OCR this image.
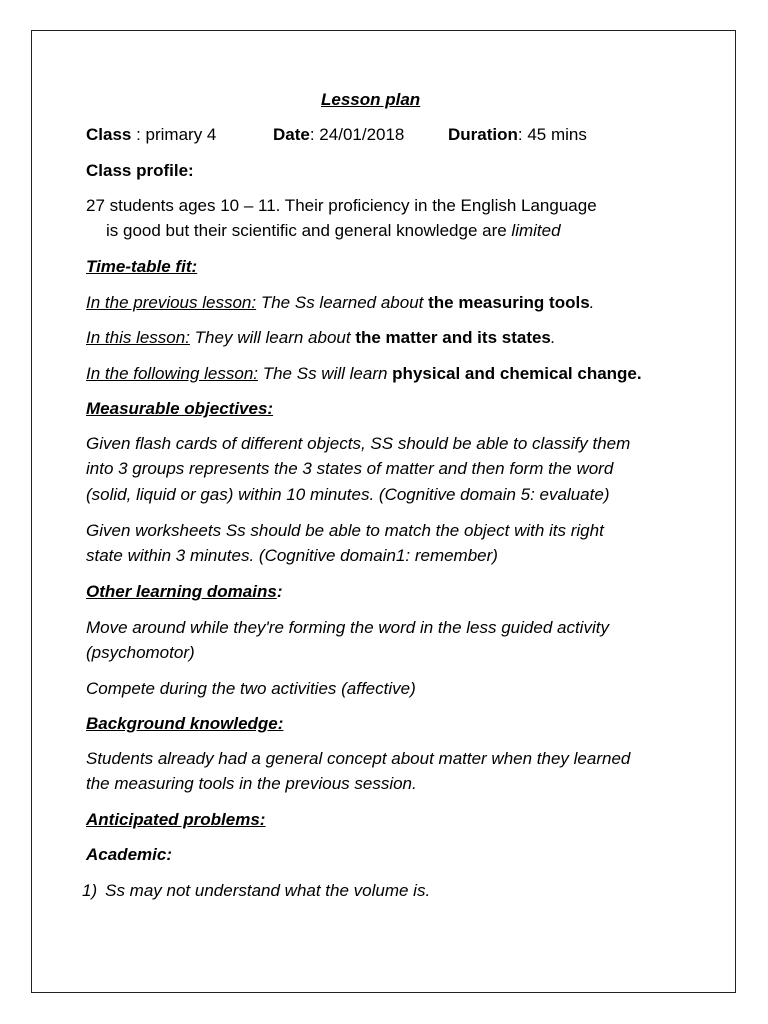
Lesson plan
Class : primary 4	Date: 24/01/2018	Duration: 45 mins
Class profile:
27 students ages 10 – 11. Their proficiency in the English Language
is good but their scientific and general knowledge are limited
Time-table fit:
In the previous lesson: The Ss learned about the measuring tools.
In this lesson: They will learn about the matter and its states.
In the following lesson: The Ss will learn physical and chemical change.
Measurable objectives:
Given flash cards of different objects, SS should be able to classify them
into 3 groups represents the 3 states of matter and then form the word
(solid, liquid or gas) within 10 minutes. (Cognitive domain 5: evaluate)
Given worksheets Ss should be able to match the object with its right
state within 3 minutes. (Cognitive domain1: remember)
Other learning domains:
Move around while they're forming the word in the less guided activity
(psychomotor)
Compete during the two activities (affective)
Background knowledge:
Students already had a general concept about matter when they learned
the measuring tools in the previous session.
Anticipated problems:
Academic:
1) Ss may not understand what the volume is.
